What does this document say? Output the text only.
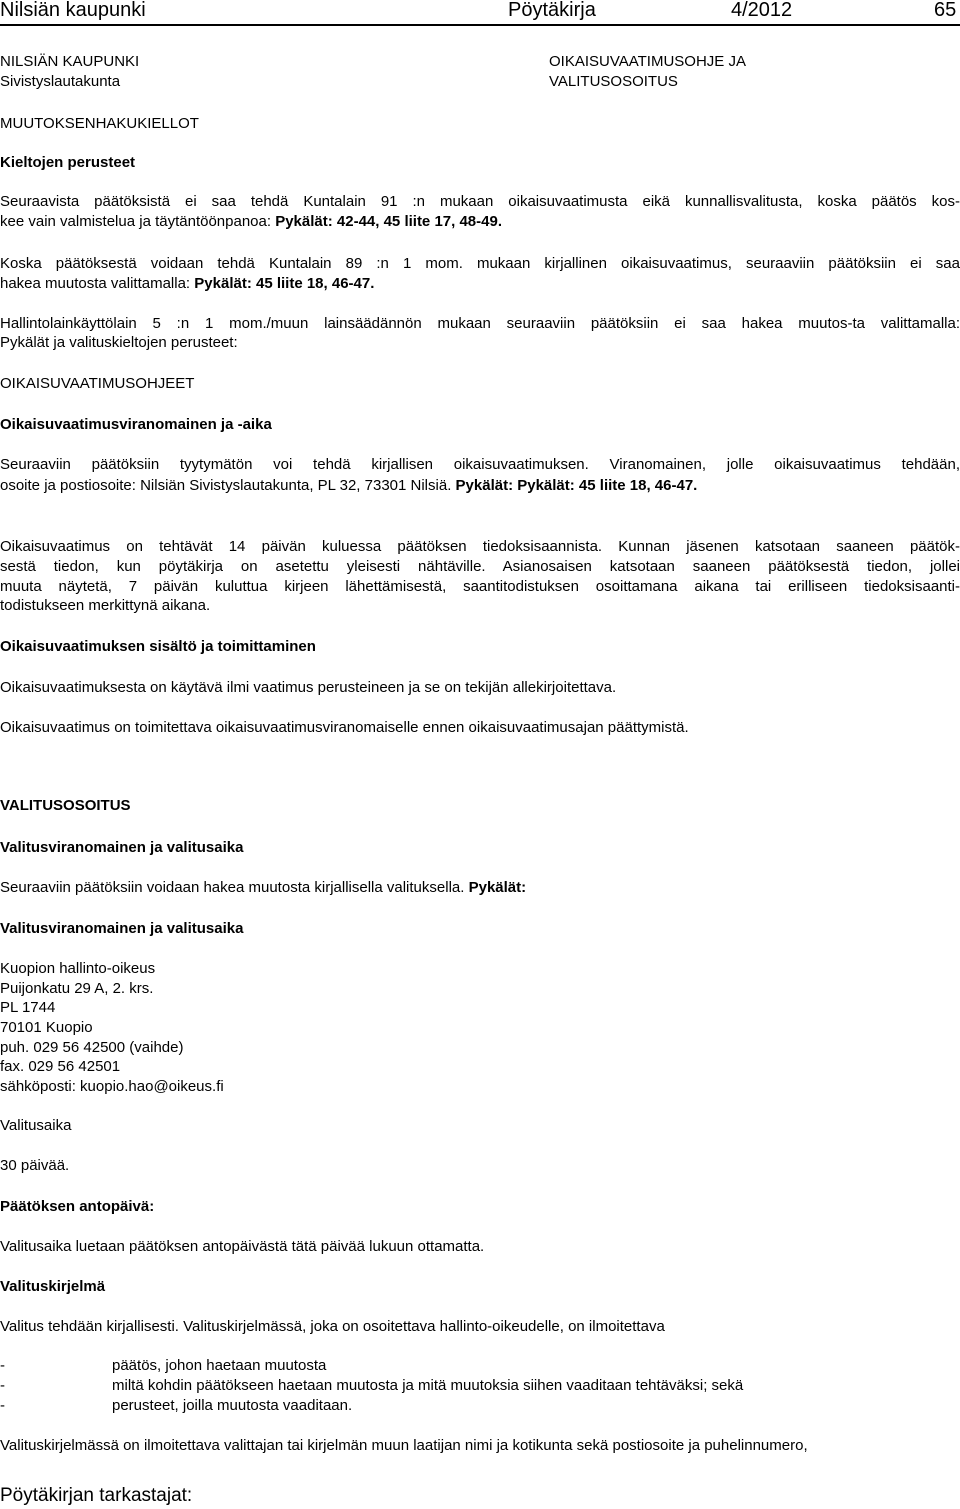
Nilsiän kaupunki	Pöytäkirja	4/2012	65
NILSIÄN KAUPUNKI
Sivistyslautakunta
OIKAISUVAATIMUSOHJE JA
VALITUSOSOITUS
MUUTOKSENHAKUKIELLOT
Kieltojen perusteet
Seuraavista päätöksistä ei saa tehdä Kuntalain 91 :n mukaan oikaisuvaatimusta eikä kunnallisvalitusta, koska päätös kos-
kee vain valmistelua ja täytäntöönpanoa: Pykälät: 42-44, 45 liite 17, 48-49.
Koska päätöksestä voidaan tehdä Kuntalain 89 :n 1 mom. mukaan kirjallinen oikaisuvaatimus, seuraaviin päätöksiin ei saa
hakea muutosta valittamalla: Pykälät: 45 liite 18, 46-47.
Hallintolainkäyttölain 5 :n 1 mom./muun lainsäädännön mukaan seuraaviin päätöksiin ei saa hakea muutos-ta valittamalla:
Pykälät ja valituskieltojen perusteet:
OIKAISUVAATIMUSOHJEET
Oikaisuvaatimusviranomainen ja -aika
Seuraaviin päätöksiin tyytymätön voi tehdä kirjallisen oikaisuvaatimuksen. Viranomainen, jolle oikaisuvaatimus tehdään,
osoite ja postiosoite: Nilsiän Sivistyslautakunta, PL 32, 73301 Nilsiä. Pykälät: Pykälät: 45 liite 18, 46-47.
Oikaisuvaatimus on tehtävät 14 päivän kuluessa päätöksen tiedoksisaannista. Kunnan jäsenen katsotaan saaneen päätök-
sestä tiedon, kun pöytäkirja on asetettu yleisesti nähtäville. Asianosaisen katsotaan saaneen päätöksestä tiedon, jollei
muuta näytetä, 7 päivän kuluttua kirjeen lähettämisestä, saantitodistuksen osoittamana aikana tai erilliseen tiedoksisaanti-
todistukseen merkittynä aikana.
Oikaisuvaatimuksen sisältö ja toimittaminen
Oikaisuvaatimuksesta on käytävä ilmi vaatimus perusteineen ja se on tekijän allekirjoitettava.
Oikaisuvaatimus on toimitettava oikaisuvaatimusviranomaiselle ennen oikaisuvaatimusajan päättymistä.
VALITUSOSOITUS
Valitusviranomainen ja valitusaika
Seuraaviin päätöksiin voidaan hakea muutosta kirjallisella valituksella. Pykälät:
Valitusviranomainen ja valitusaika
Kuopion hallinto-oikeus
Puijonkatu 29 A, 2. krs.
PL 1744
70101 Kuopio
puh. 029 56 42500 (vaihde)
fax. 029 56 42501
sähköposti: kuopio.hao@oikeus.fi
Valitusaika
30 päivää.
Päätöksen antopäivä:
Valitusaika luetaan päätöksen antopäivästä tätä päivää lukuun ottamatta.
Valituskirjelmä
Valitus tehdään kirjallisesti. Valituskirjelmässä, joka on osoitettava hallinto-oikeudelle, on ilmoitettava
-	päätös, johon haetaan muutosta
-	miltä kohdin päätökseen haetaan muutosta ja mitä muutoksia siihen vaaditaan tehtäväksi; sekä
-	perusteet, joilla muutosta vaaditaan.
Valituskirjelmässä on ilmoitettava valittajan tai kirjelmän muun laatijan nimi ja kotikunta sekä postiosoite ja puhelinnumero,
Pöytäkirjan tarkastajat:
